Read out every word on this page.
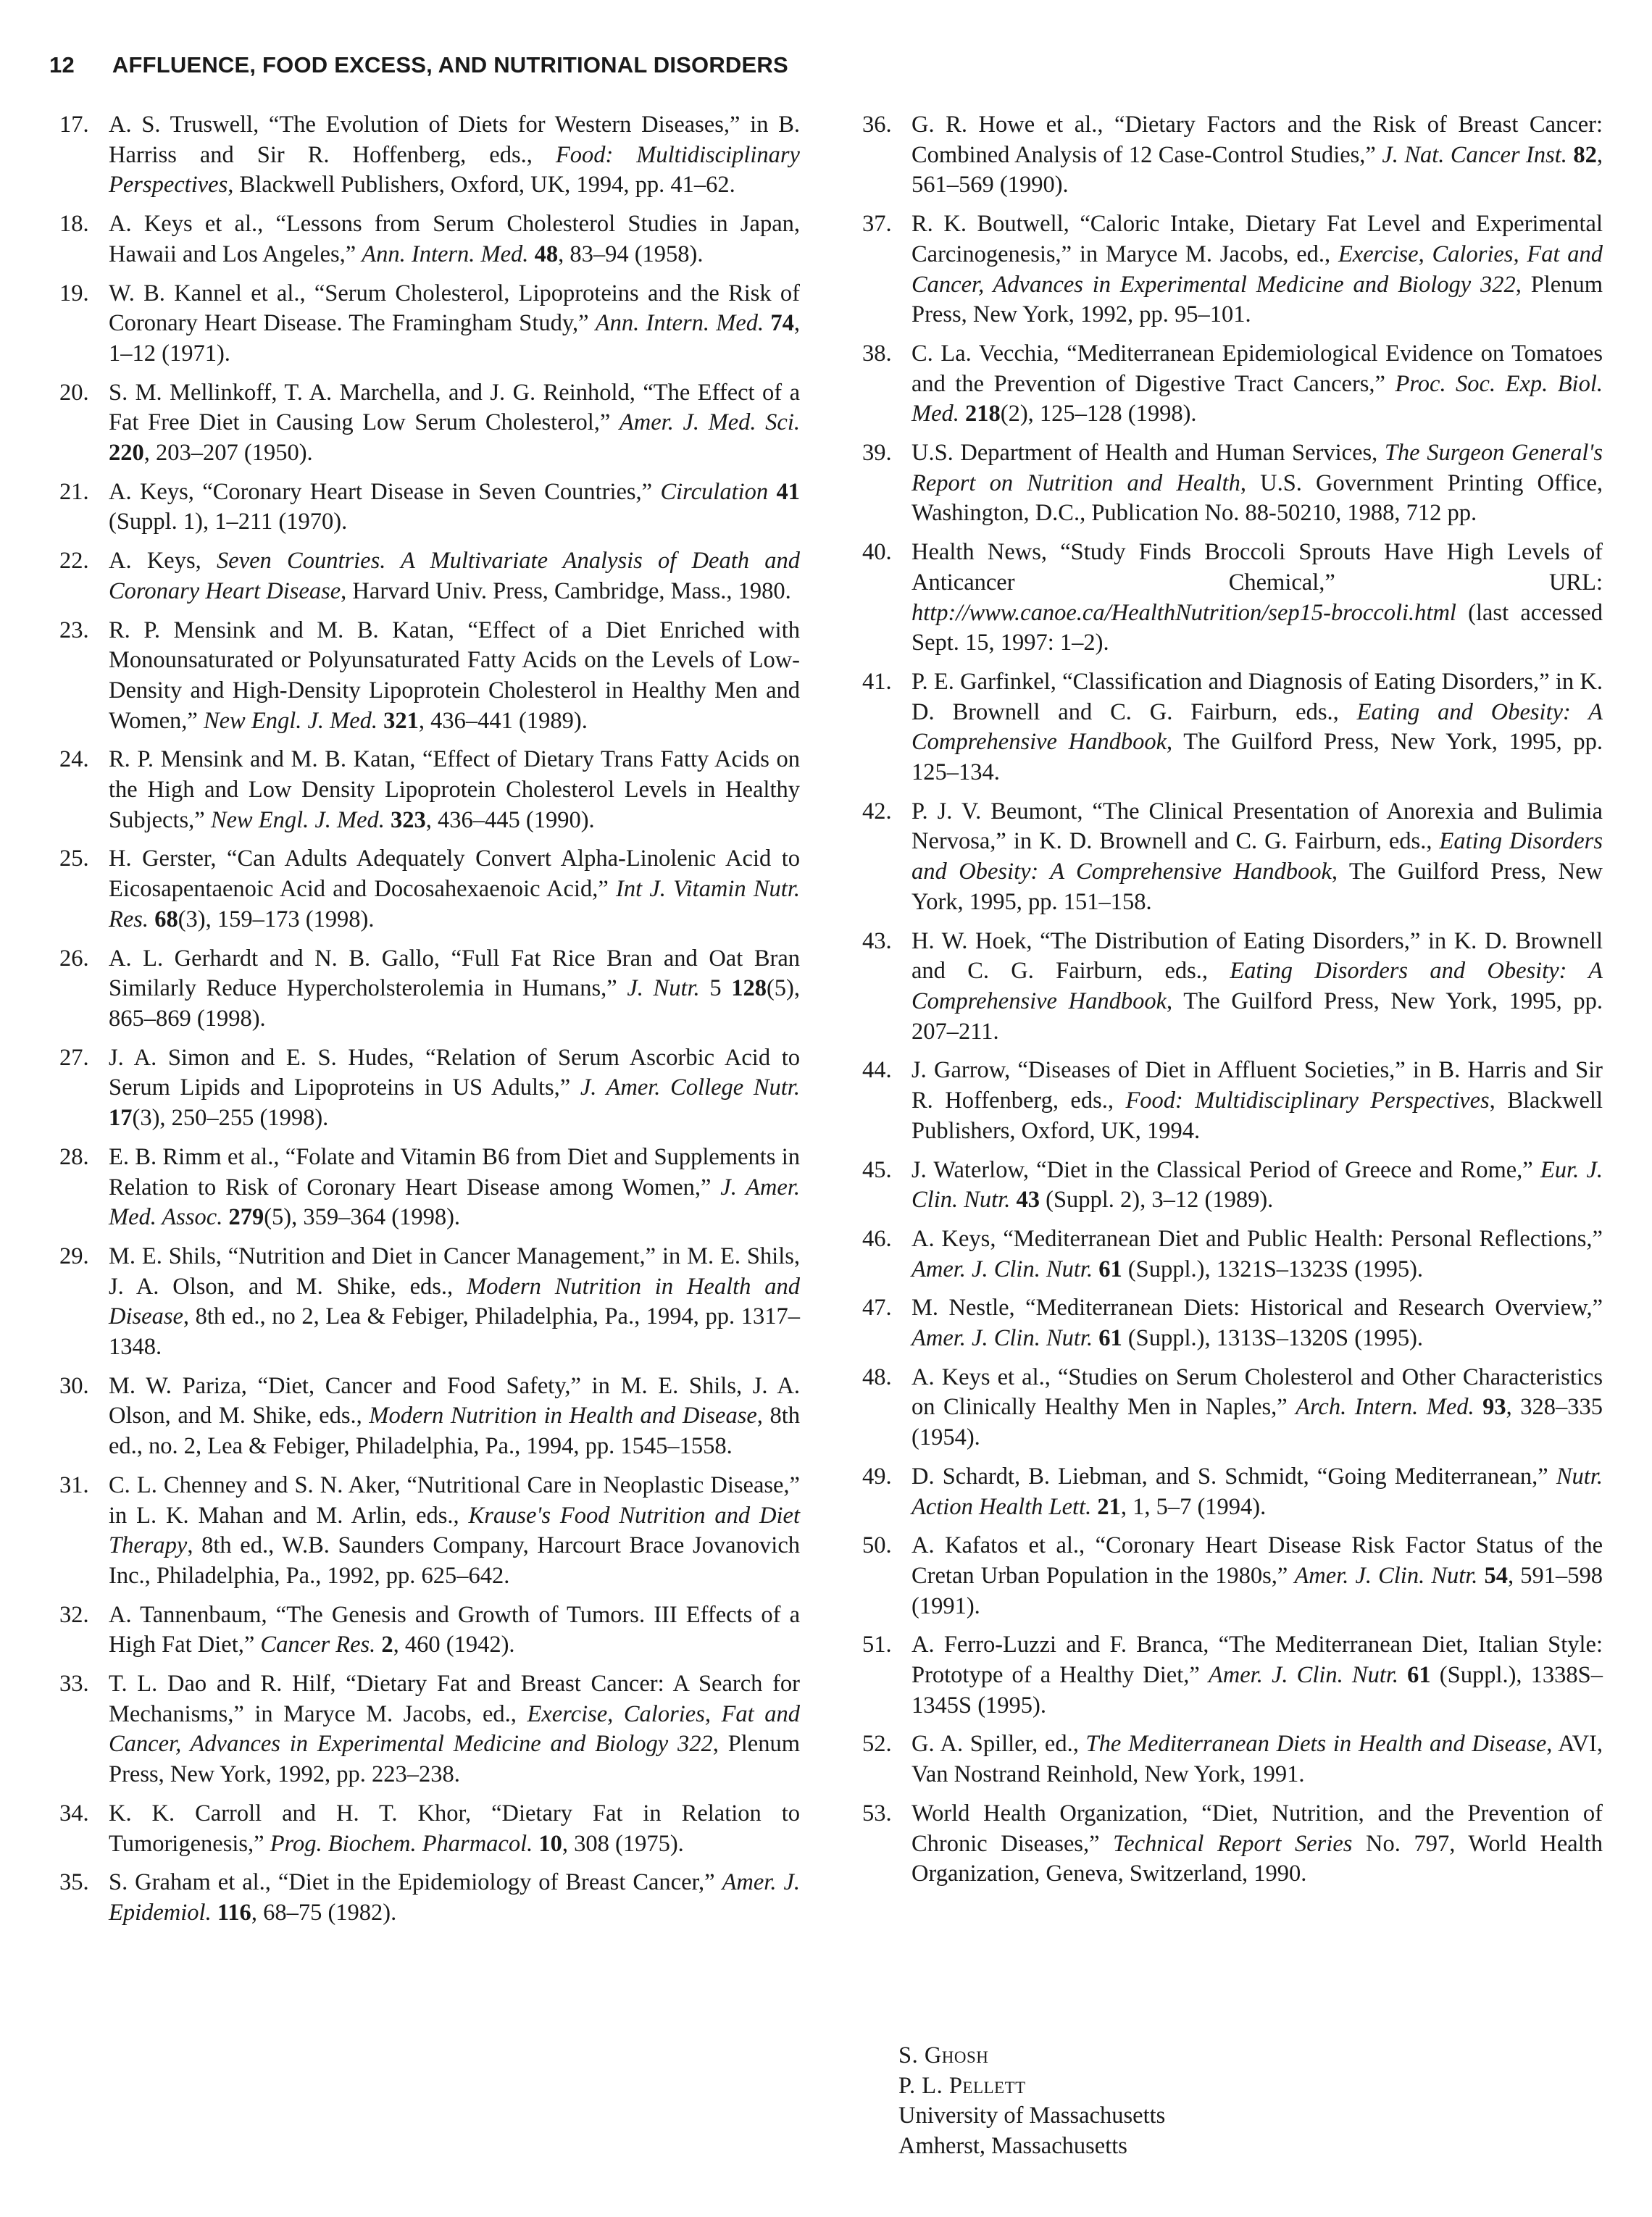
12 AFFLUENCE, FOOD EXCESS, AND NUTRITIONAL DISORDERS
17. A. S. Truswell, “The Evolution of Diets for Western Diseases,” in B. Harriss and Sir R. Hoffenberg, eds., Food: Multidisciplinary Perspectives, Blackwell Publishers, Oxford, UK, 1994, pp. 41–62.
18. A. Keys et al., “Lessons from Serum Cholesterol Studies in Japan, Hawaii and Los Angeles,” Ann. Intern. Med. 48, 83–94 (1958).
19. W. B. Kannel et al., “Serum Cholesterol, Lipoproteins and the Risk of Coronary Heart Disease. The Framingham Study,” Ann. Intern. Med. 74, 1–12 (1971).
20. S. M. Mellinkoff, T. A. Marchella, and J. G. Reinhold, “The Effect of a Fat Free Diet in Causing Low Serum Cholesterol,” Amer. J. Med. Sci. 220, 203–207 (1950).
21. A. Keys, “Coronary Heart Disease in Seven Countries,” Circulation 41 (Suppl. 1), 1–211 (1970).
22. A. Keys, Seven Countries. A Multivariate Analysis of Death and Coronary Heart Disease, Harvard Univ. Press, Cambridge, Mass., 1980.
23. R. P. Mensink and M. B. Katan, “Effect of a Diet Enriched with Monounsaturated or Polyunsaturated Fatty Acids on the Levels of Low-Density and High-Density Lipoprotein Cholesterol in Healthy Men and Women,” New Engl. J. Med. 321, 436–441 (1989).
24. R. P. Mensink and M. B. Katan, “Effect of Dietary Trans Fatty Acids on the High and Low Density Lipoprotein Cholesterol Levels in Healthy Subjects,” New Engl. J. Med. 323, 436–445 (1990).
25. H. Gerster, “Can Adults Adequately Convert Alpha-Linolenic Acid to Eicosapentaenoic Acid and Docosahexaenoic Acid,” Int J. Vitamin Nutr. Res. 68(3), 159–173 (1998).
26. A. L. Gerhardt and N. B. Gallo, “Full Fat Rice Bran and Oat Bran Similarly Reduce Hypercholsterolemia in Humans,” J. Nutr. 5 128(5), 865–869 (1998).
27. J. A. Simon and E. S. Hudes, “Relation of Serum Ascorbic Acid to Serum Lipids and Lipoproteins in US Adults,” J. Amer. College Nutr. 17(3), 250–255 (1998).
28. E. B. Rimm et al., “Folate and Vitamin B6 from Diet and Supplements in Relation to Risk of Coronary Heart Disease among Women,” J. Amer. Med. Assoc. 279(5), 359–364 (1998).
29. M. E. Shils, “Nutrition and Diet in Cancer Management,” in M. E. Shils, J. A. Olson, and M. Shike, eds., Modern Nutrition in Health and Disease, 8th ed., no 2, Lea & Febiger, Philadelphia, Pa., 1994, pp. 1317–1348.
30. M. W. Pariza, “Diet, Cancer and Food Safety,” in M. E. Shils, J. A. Olson, and M. Shike, eds., Modern Nutrition in Health and Disease, 8th ed., no. 2, Lea & Febiger, Philadelphia, Pa., 1994, pp. 1545–1558.
31. C. L. Chenney and S. N. Aker, “Nutritional Care in Neoplastic Disease,” in L. K. Mahan and M. Arlin, eds., Krause's Food Nutrition and Diet Therapy, 8th ed., W.B. Saunders Company, Harcourt Brace Jovanovich Inc., Philadelphia, Pa., 1992, pp. 625–642.
32. A. Tannenbaum, “The Genesis and Growth of Tumors. III Effects of a High Fat Diet,” Cancer Res. 2, 460 (1942).
33. T. L. Dao and R. Hilf, “Dietary Fat and Breast Cancer: A Search for Mechanisms,” in Maryce M. Jacobs, ed., Exercise, Calories, Fat and Cancer, Advances in Experimental Medicine and Biology 322, Plenum Press, New York, 1992, pp. 223–238.
34. K. K. Carroll and H. T. Khor, “Dietary Fat in Relation to Tumorigenesis,” Prog. Biochem. Pharmacol. 10, 308 (1975).
35. S. Graham et al., “Diet in the Epidemiology of Breast Cancer,” Amer. J. Epidemiol. 116, 68–75 (1982).
36. G. R. Howe et al., “Dietary Factors and the Risk of Breast Cancer: Combined Analysis of 12 Case-Control Studies,” J. Nat. Cancer Inst. 82, 561–569 (1990).
37. R. K. Boutwell, “Caloric Intake, Dietary Fat Level and Experimental Carcinogenesis,” in Maryce M. Jacobs, ed., Exercise, Calories, Fat and Cancer, Advances in Experimental Medicine and Biology 322, Plenum Press, New York, 1992, pp. 95–101.
38. C. La. Vecchia, “Mediterranean Epidemiological Evidence on Tomatoes and the Prevention of Digestive Tract Cancers,” Proc. Soc. Exp. Biol. Med. 218(2), 125–128 (1998).
39. U.S. Department of Health and Human Services, The Surgeon General's Report on Nutrition and Health, U.S. Government Printing Office, Washington, D.C., Publication No. 88-50210, 1988, 712 pp.
40. Health News, “Study Finds Broccoli Sprouts Have High Levels of Anticancer Chemical,” URL: http://www.canoe.ca/HealthNutrition/sep15-broccoli.html (last accessed Sept. 15, 1997: 1–2).
41. P. E. Garfinkel, “Classification and Diagnosis of Eating Disorders,” in K. D. Brownell and C. G. Fairburn, eds., Eating and Obesity: A Comprehensive Handbook, The Guilford Press, New York, 1995, pp. 125–134.
42. P. J. V. Beumont, “The Clinical Presentation of Anorexia and Bulimia Nervosa,” in K. D. Brownell and C. G. Fairburn, eds., Eating Disorders and Obesity: A Comprehensive Handbook, The Guilford Press, New York, 1995, pp. 151–158.
43. H. W. Hoek, “The Distribution of Eating Disorders,” in K. D. Brownell and C. G. Fairburn, eds., Eating Disorders and Obesity: A Comprehensive Handbook, The Guilford Press, New York, 1995, pp. 207–211.
44. J. Garrow, “Diseases of Diet in Affluent Societies,” in B. Harris and Sir R. Hoffenberg, eds., Food: Multidisciplinary Perspectives, Blackwell Publishers, Oxford, UK, 1994.
45. J. Waterlow, “Diet in the Classical Period of Greece and Rome,” Eur. J. Clin. Nutr. 43 (Suppl. 2), 3–12 (1989).
46. A. Keys, “Mediterranean Diet and Public Health: Personal Reflections,” Amer. J. Clin. Nutr. 61 (Suppl.), 1321S–1323S (1995).
47. M. Nestle, “Mediterranean Diets: Historical and Research Overview,” Amer. J. Clin. Nutr. 61 (Suppl.), 1313S–1320S (1995).
48. A. Keys et al., “Studies on Serum Cholesterol and Other Characteristics on Clinically Healthy Men in Naples,” Arch. Intern. Med. 93, 328–335 (1954).
49. D. Schardt, B. Liebman, and S. Schmidt, “Going Mediterranean,” Nutr. Action Health Lett. 21, 1, 5–7 (1994).
50. A. Kafatos et al., “Coronary Heart Disease Risk Factor Status of the Cretan Urban Population in the 1980s,” Amer. J. Clin. Nutr. 54, 591–598 (1991).
51. A. Ferro-Luzzi and F. Branca, “The Mediterranean Diet, Italian Style: Prototype of a Healthy Diet,” Amer. J. Clin. Nutr. 61 (Suppl.), 1338S–1345S (1995).
52. G. A. Spiller, ed., The Mediterranean Diets in Health and Disease, AVI, Van Nostrand Reinhold, New York, 1991.
53. World Health Organization, “Diet, Nutrition, and the Prevention of Chronic Diseases,” Technical Report Series No. 797, World Health Organization, Geneva, Switzerland, 1990.
S. Ghosh
P. L. Pellett
University of Massachusetts
Amherst, Massachusetts
